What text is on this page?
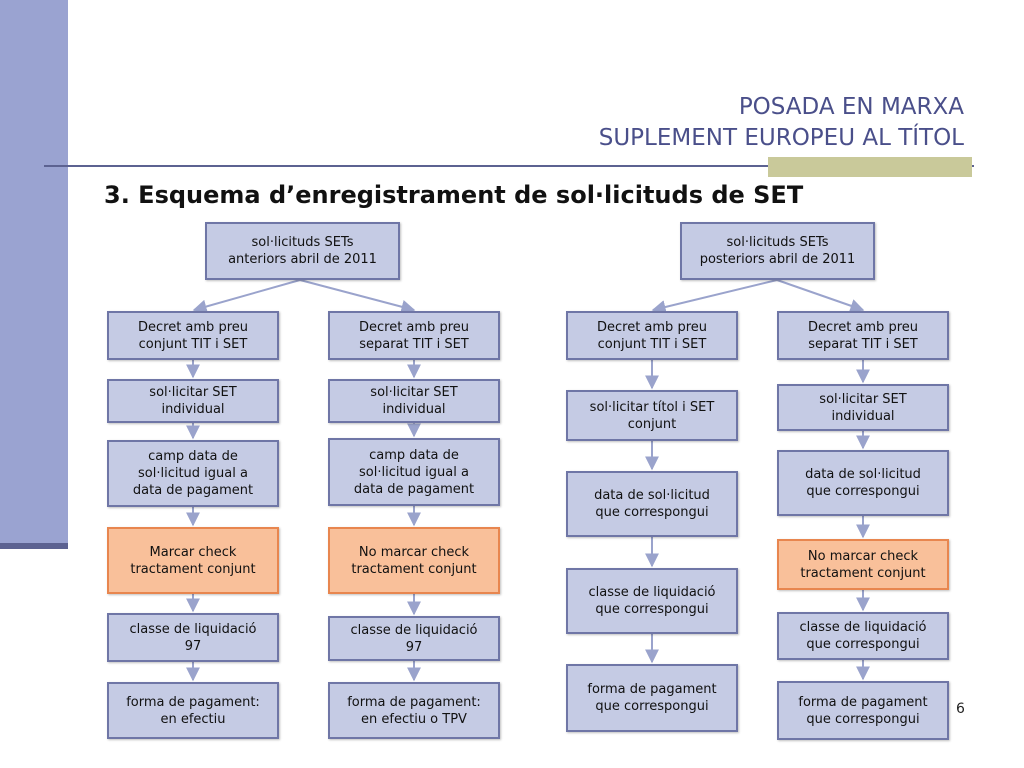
POSADA EN MARXA
SUPLEMENT EUROPEU AL TÍTOL
3. Esquema d’enregistrament de sol·licituds de SET
sol·licituds SETs
anteriors abril de 2011
sol·licituds SETs
posteriors abril de 2011
Decret amb preu
conjunt TIT i SET
sol·licitar SET
individual
camp data de
sol·licitud igual a
data de pagament
Marcar check
tractament conjunt
classe de liquidació
97
forma de pagament:
en efectiu
Decret amb preu
separat TIT i SET
sol·licitar SET
individual
camp data de
sol·licitud igual a
data de pagament
No marcar check
tractament conjunt
classe de liquidació
97
forma de pagament:
en efectiu o TPV
Decret amb preu
conjunt TIT i SET
sol·licitar títol i SET
conjunt
data de sol·licitud
que correspongui
classe de liquidació
que correspongui
forma de pagament
que correspongui
Decret amb preu
separat TIT i SET
sol·licitar SET
individual
data de sol·licitud
que correspongui
No marcar check
tractament conjunt
classe de liquidació
que correspongui
forma de pagament
que correspongui
6
